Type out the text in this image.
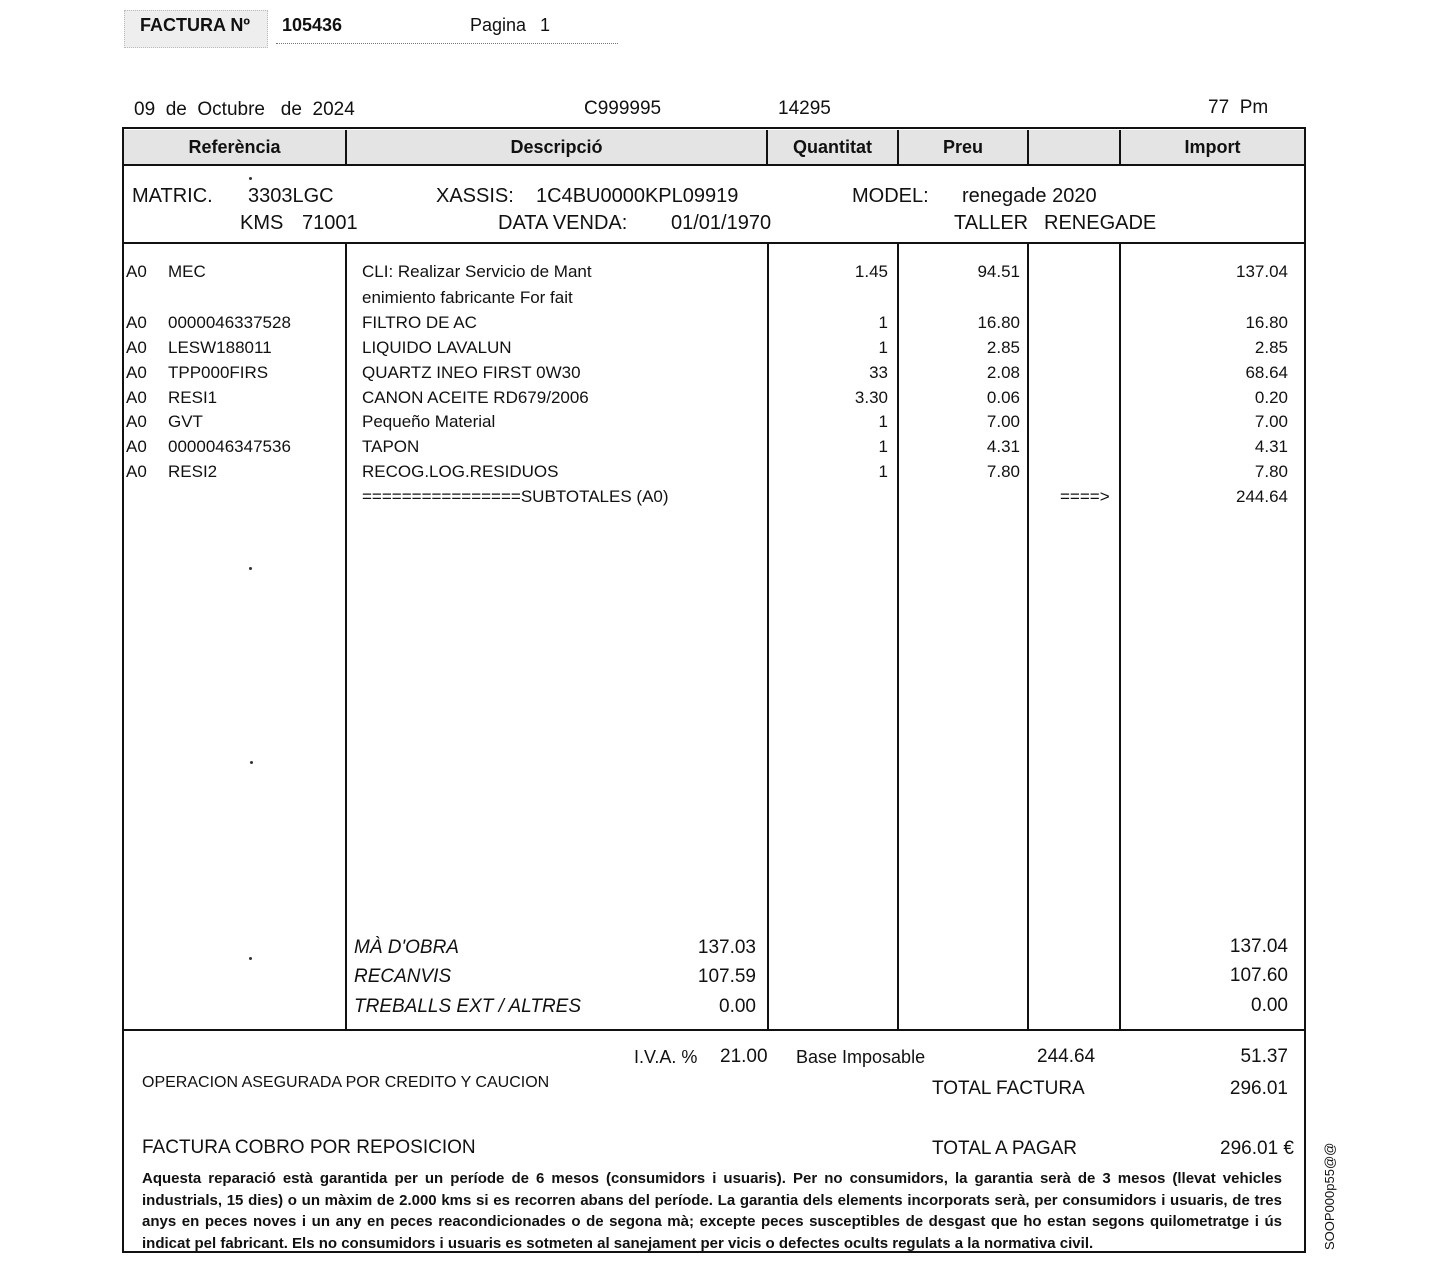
FACTURA Nº 105436	Pagina 1
09  de  Octubre   de  2024	C999995	14295	77  Pm
Referència	Descripció	Quantitat	Preu	Import
MATRIC. 3303LGC
KMS 71001
XASSIS: 1C4BU0000KPL09919
DATA VENDA: 01/01/1970
MODEL: renegade 2020
TALLER RENEGADE
A0 MEC	CLI: Realizar Servicio de Mant	1.45	94.51	137.04
enimiento fabricante For fait
A0 0000046337528	FILTRO DE AC	1	16.80	16.80
A0 LESW188011	LIQUIDO LAVALUN	1	2.85	2.85
A0 TPP000FIRS	QUARTZ INEO FIRST 0W30	33	2.08	68.64
A0 RESI1	CANON ACEITE RD679/2006	3.30	0.06	0.20
A0 GVT	Pequeño Material	1	7.00	7.00
A0 0000046347536	TAPON	1	4.31	4.31
A0 RESI2	RECOG.LOG.RESIDUOS	1	7.80	7.80
================SUBTOTALES (A0)	====>	244.64
MÀ D'OBRA	137.03	137.04
RECANVIS	107.59	107.60
TREBALLS EXT / ALTRES	0.00	0.00
I.V.A. % 21.00 Base Imposable	244.64	51.37
OPERACION ASEGURADA POR CREDITO Y CAUCION	TOTAL FACTURA	296.01
FACTURA COBRO POR REPOSICION	TOTAL A PAGAR	296.01 €
Aquesta reparació està garantida per un període de 6 mesos (consumidors i usuaris). Per no consumidors, la garantia serà de 3 mesos (llevat vehicles industrials, 15 dies) o un màxim de 2.000 kms si es recorren abans del període. La garantia dels elements incorporats serà, per consumidors i usuaris, de tres anys en peces noves i un any en peces reacondicionades o de segona mà; excepte peces susceptibles de desgast que ho estan segons quilometratge i ús indicat pel fabricant. Els no consumidors i usuaris es sotmeten al sanejament per vicis o defectes ocults regulats a la normativa civil.	SOOP000p55@@
